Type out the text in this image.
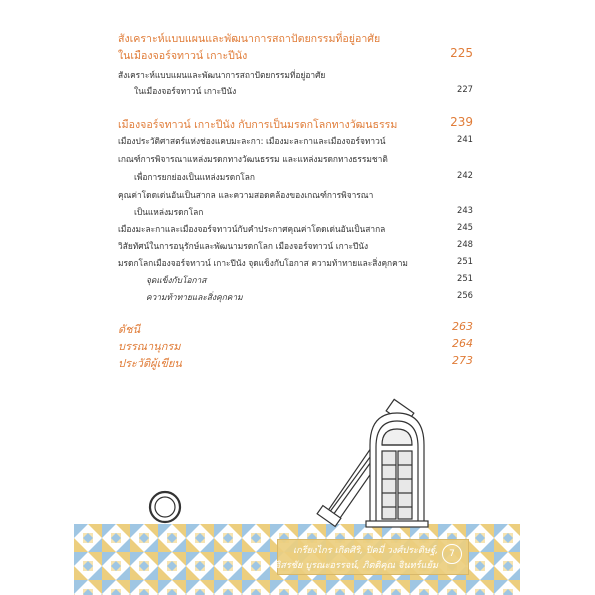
สังเคราะห์แบบแผนและพัฒนาการสถาปัตยกรรมที่อยู่อาศัย
ในเมืองจอร์จทาวน์ เกาะปีนัง	225
สังเคราะห์แบบแผนและพัฒนาการสถาปัตยกรรมที่อยู่อาศัย
ในเมืองจอร์จทาวน์ เกาะปีนัง	227
เมืองจอร์จทาวน์ เกาะปีนัง กับการเป็นมรดกโลกทางวัฒนธรรม	239
เมืองประวัติศาสตร์แห่งช่องแคบมะละกา: เมืองมะละกาและเมืองจอร์จทาวน์	241
เกณฑ์การพิจารณาแหล่งมรดกทางวัฒนธรรม และแหล่งมรดกทางธรรมชาติ
เพื่อการยกย่องเป็นแหล่งมรดกโลก	242
คุณค่าโดดเด่นอันเป็นสากล และความสอดคล้องของเกณฑ์การพิจารณา
เป็นแหล่งมรดกโลก	243
เมืองมะละกาและเมืองจอร์จทาวน์กับคำประกาศคุณค่าโดดเด่นอันเป็นสากล	245
วิสัยทัศน์ในการอนุรักษ์และพัฒนามรดกโลก เมืองจอร์จทาวน์ เกาะปีนัง	248
มรดกโลกเมืองจอร์จทาวน์ เกาะปีนัง จุดแข็งกับโอกาส ความท้าทายและสิ่งคุกคาม	251
จุดแข็งกับโอกาส	251
ความท้าทายและสิ่งคุกคาม	256
ดัชนี	263
บรรณานุกรม	264
ประวัติผู้เขียน	273
เกรียงไกร เกิดศิริ, ปิคมี่ วงศ์ประดิษฐ์,
อิสรชัย บูรณะอรรจน์, ภิตติคุณ จินทร์แย้ม
7
